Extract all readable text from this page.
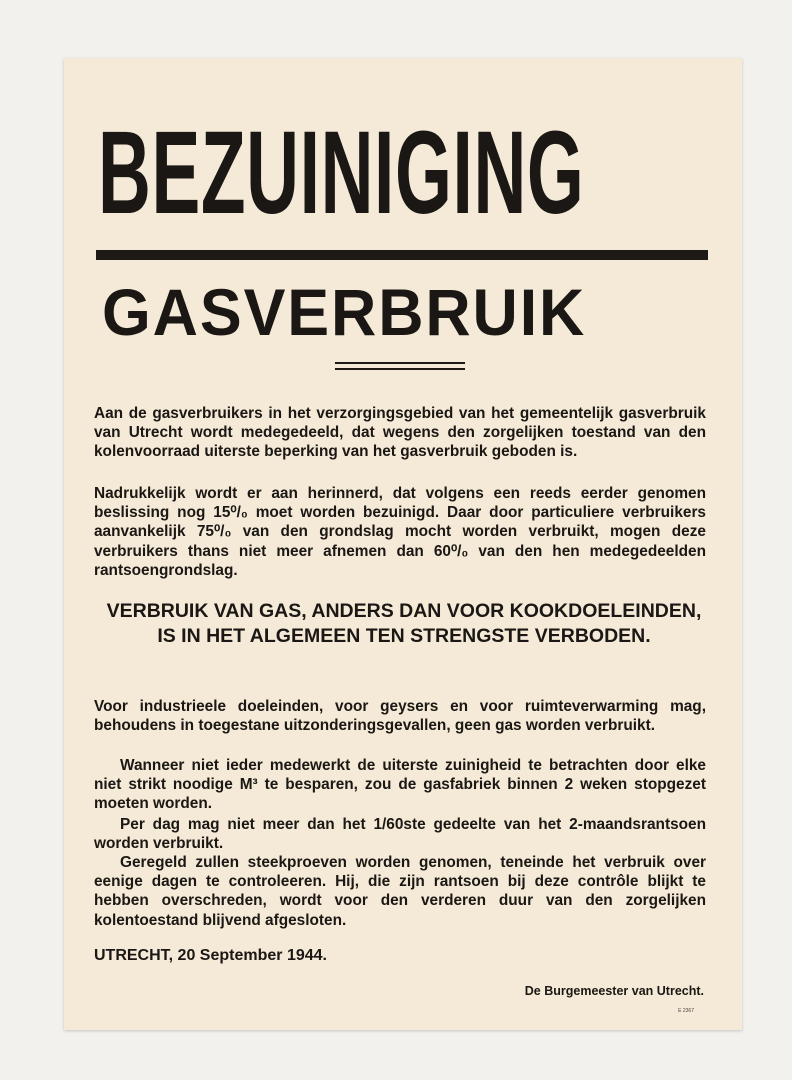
BEZUINIGING
GASVERBRUIK
Aan de gasverbruikers in het verzorgingsgebied van het gemeentelijk gasverbruik van Utrecht wordt medegedeeld, dat wegens den zorgelijken toestand van den kolenvoorraad uiterste beperking van het gasverbruik geboden is.
Nadrukkelijk wordt er aan herinnerd, dat volgens een reeds eerder genomen beslissing nog 15⁰/₀ moet worden bezuinigd. Daar door particuliere verbruikers aanvankelijk 75⁰/₀ van den grondslag mocht worden verbruikt, mogen deze verbruikers thans niet meer afnemen dan 60⁰/₀ van den hen medegedeelden rantsoengrondslag.
VERBRUIK VAN GAS, ANDERS DAN VOOR KOOKDOELEINDEN, IS IN HET ALGEMEEN TEN STRENGSTE VERBODEN.
Voor industrieele doeleinden, voor geysers en voor ruimteverwarming mag, behoudens in toegestane uitzonderingsgevallen, geen gas worden verbruikt.
Wanneer niet ieder medewerkt de uiterste zuinigheid te betrachten door elke niet strikt noodige M³ te besparen, zou de gasfabriek binnen 2 weken stopgezet moeten worden.
Per dag mag niet meer dan het 1/60ste gedeelte van het 2-maandsrantsoen worden verbruikt.
Geregeld zullen steekproeven worden genomen, teneinde het verbruik over eenige dagen te controleeren. Hij, die zijn rantsoen bij deze contrôle blijkt te hebben overschreden, wordt voor den verderen duur van den zorgelijken kolentoestand blijvend afgesloten.
UTRECHT, 20 September 1944.
De Burgemeester van Utrecht.
E 2367
